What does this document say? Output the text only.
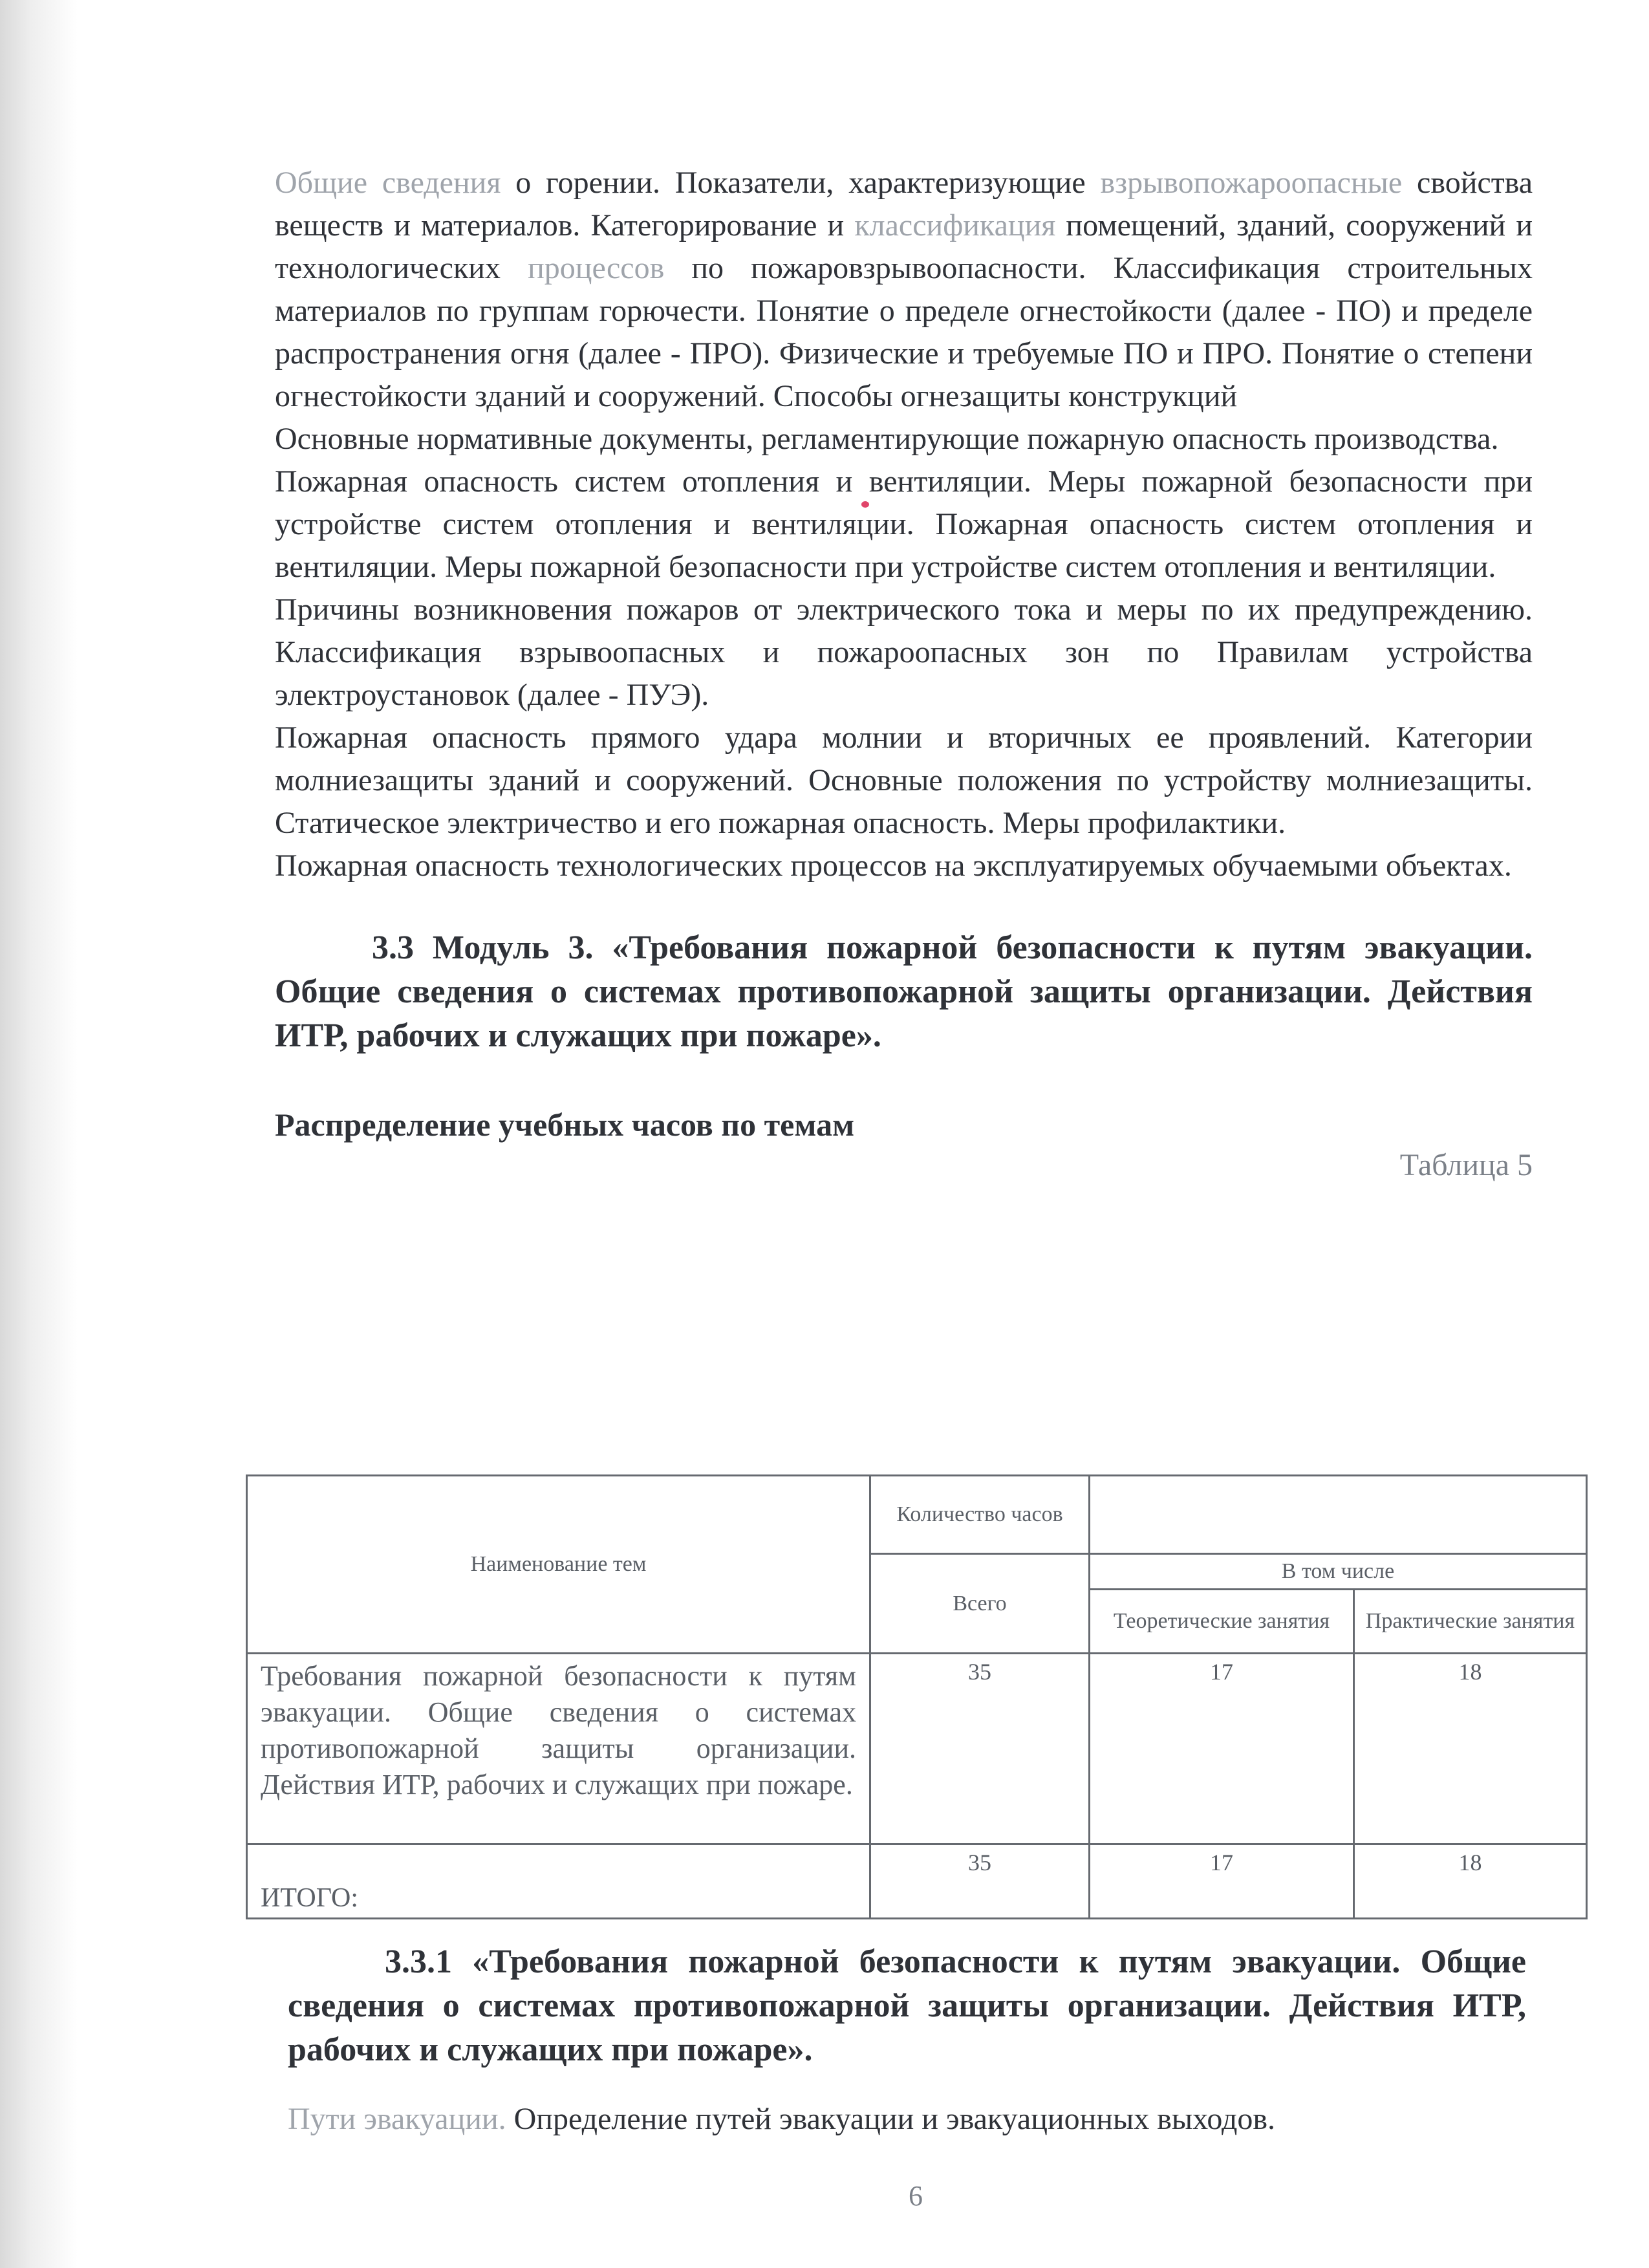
Общие сведения о горении. Показатели, характеризующие взрывопожароопасные свойства веществ и материалов. Категорирование и классификация помещений, зданий, сооружений и технологических процессов по пожаровзрывоопасности. Классификация строительных материалов по группам горючести. Понятие о пределе огнестойкости (далее - ПО) и пределе распространения огня (далее - ПРО). Физические и требуемые ПО и ПРО. Понятие о степени огнестойкости зданий и сооружений. Способы огнезащиты конструкций

Основные нормативные документы, регламентирующие пожарную опасность производства.

Пожарная опасность систем отопления и вентиляции. Меры пожарной безопасности при устройстве систем отопления и вентиляции. Пожарная опасность систем отопления и вентиляции. Меры пожарной безопасности при устройстве систем отопления и вентиляции.

Причины возникновения пожаров от электрического тока и меры по их предупреждению. Классификация взрывоопасных и пожароопасных зон по Правилам устройства электроустановок (далее - ПУЭ).

Пожарная опасность прямого удара молнии и вторичных ее проявлений. Категории молниезащиты зданий и сооружений. Основные положения по устройству молниезащиты. Статическое электричество и его пожарная опасность. Меры профилактики.

Пожарная опасность технологических процессов на эксплуатируемых обучаемыми объектах.

3.3 Модуль 3. «Требования пожарной безопасности к путям эвакуации. Общие сведения о системах противопожарной защиты организации. Действия ИТР, рабочих и служащих при пожаре».

Распределение учебных часов по темам

Таблица 5

Наименование тем	Количество часов		
	Всего	В том числе	
		Теоретические занятия	Практические занятия
Требования пожарной безопасности к путям эвакуации. Общие сведения о системах противопожарной защиты организации. Действия ИТР, рабочих и служащих при пожаре.	35	17	18
ИТОГО:	35	17	18

3.3.1 «Требования пожарной безопасности к путям эвакуации. Общие сведения о системах противопожарной защиты организации. Действия ИТР, рабочих и служащих при пожаре».

Пути эвакуации. Определение путей эвакуации и эвакуационных выходов.

6
